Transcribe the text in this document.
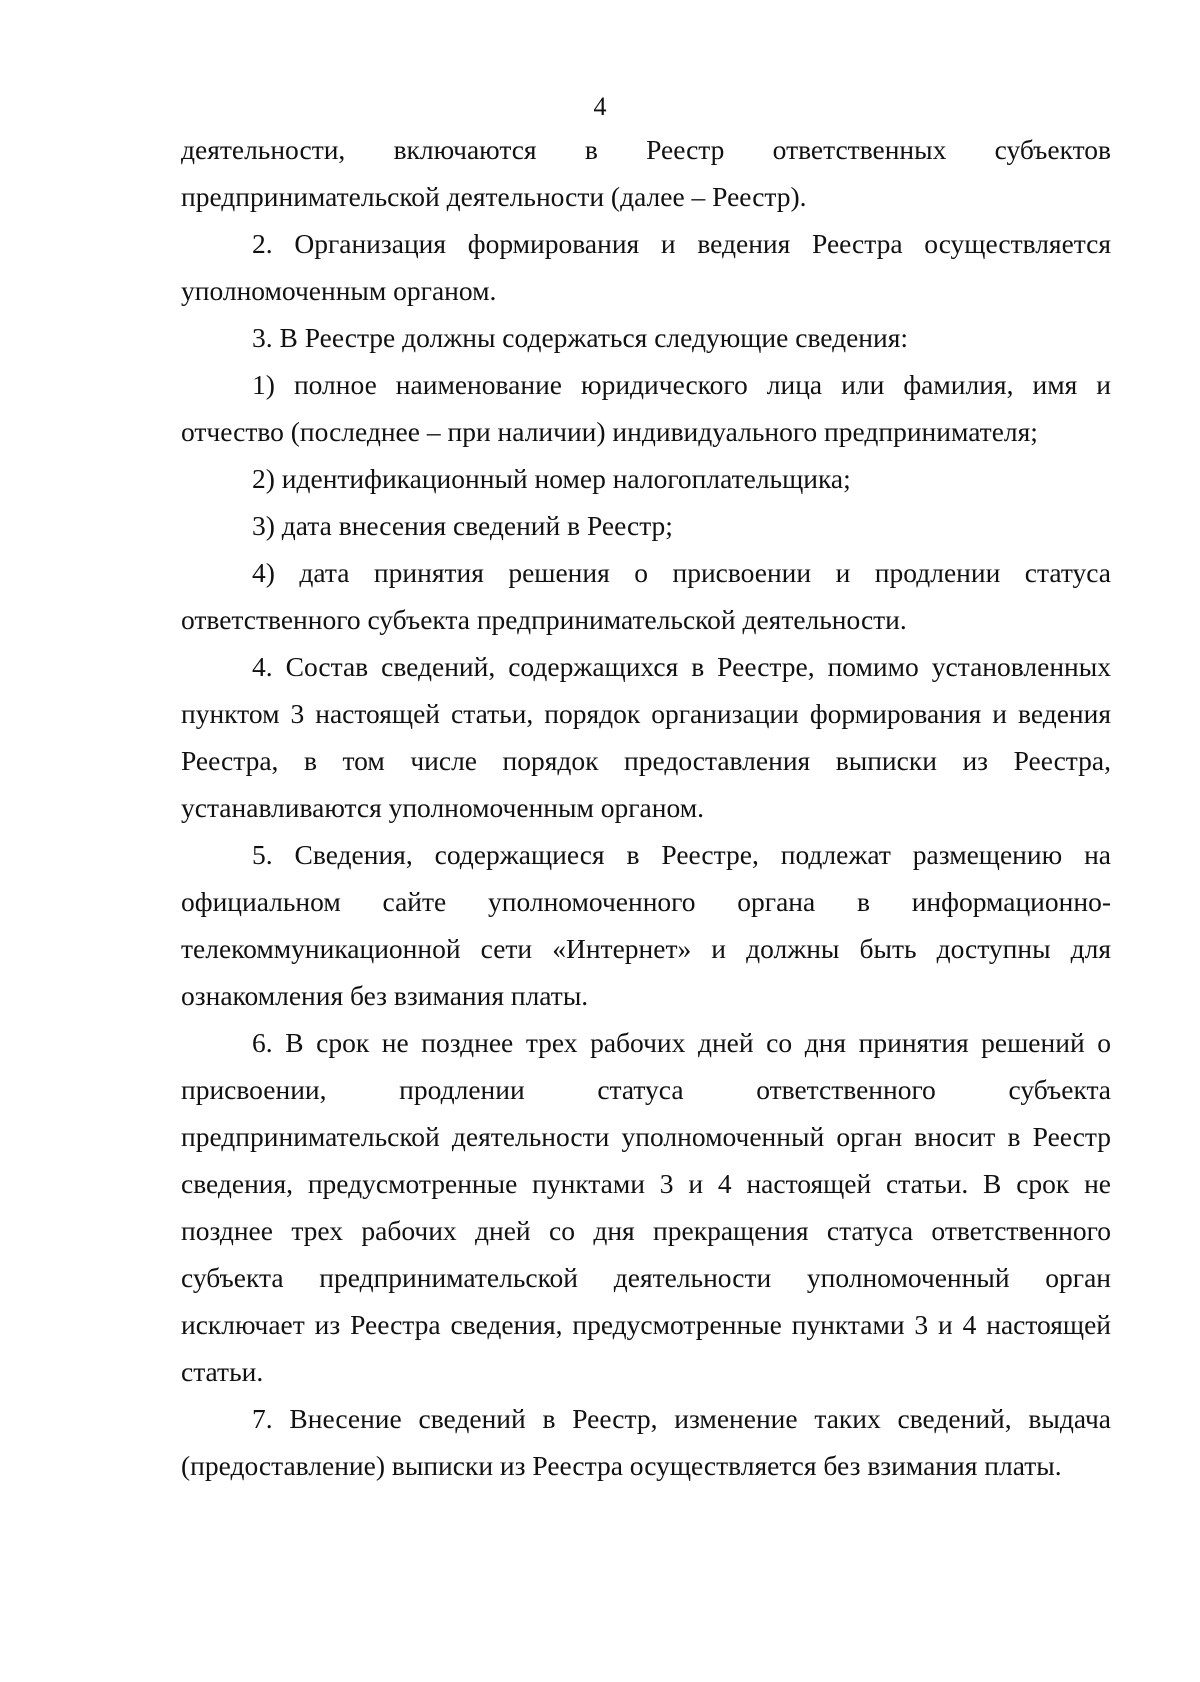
4

деятельности, включаются в Реестр ответственных субъектов предпринимательской деятельности (далее – Реестр).

2. Организация формирования и ведения Реестра осуществляется уполномоченным органом.

3. В Реестре должны содержаться следующие сведения:

1) полное наименование юридического лица или фамилия, имя и отчество (последнее – при наличии) индивидуального предпринимателя;

2) идентификационный номер налогоплательщика;

3) дата внесения сведений в Реестр;

4) дата принятия решения о присвоении и продлении статуса ответственного субъекта предпринимательской деятельности.

4. Состав сведений, содержащихся в Реестре, помимо установленных пунктом 3 настоящей статьи, порядок организации формирования и ведения Реестра, в том числе порядок предоставления выписки из Реестра, устанавливаются уполномоченным органом.

5. Сведения, содержащиеся в Реестре, подлежат размещению на официальном сайте уполномоченного органа в информационно-телекоммуникационной сети «Интернет» и должны быть доступны для ознакомления без взимания платы.

6. В срок не позднее трех рабочих дней со дня принятия решений о присвоении, продлении статуса ответственного субъекта предпринимательской деятельности уполномоченный орган вносит в Реестр сведения, предусмотренные пунктами 3 и 4 настоящей статьи. В срок не позднее трех рабочих дней со дня прекращения статуса ответственного субъекта предпринимательской деятельности уполномоченный орган исключает из Реестра сведения, предусмотренные пунктами 3 и 4 настоящей статьи.

7. Внесение сведений в Реестр, изменение таких сведений, выдача (предоставление) выписки из Реестра осуществляется без взимания платы.
